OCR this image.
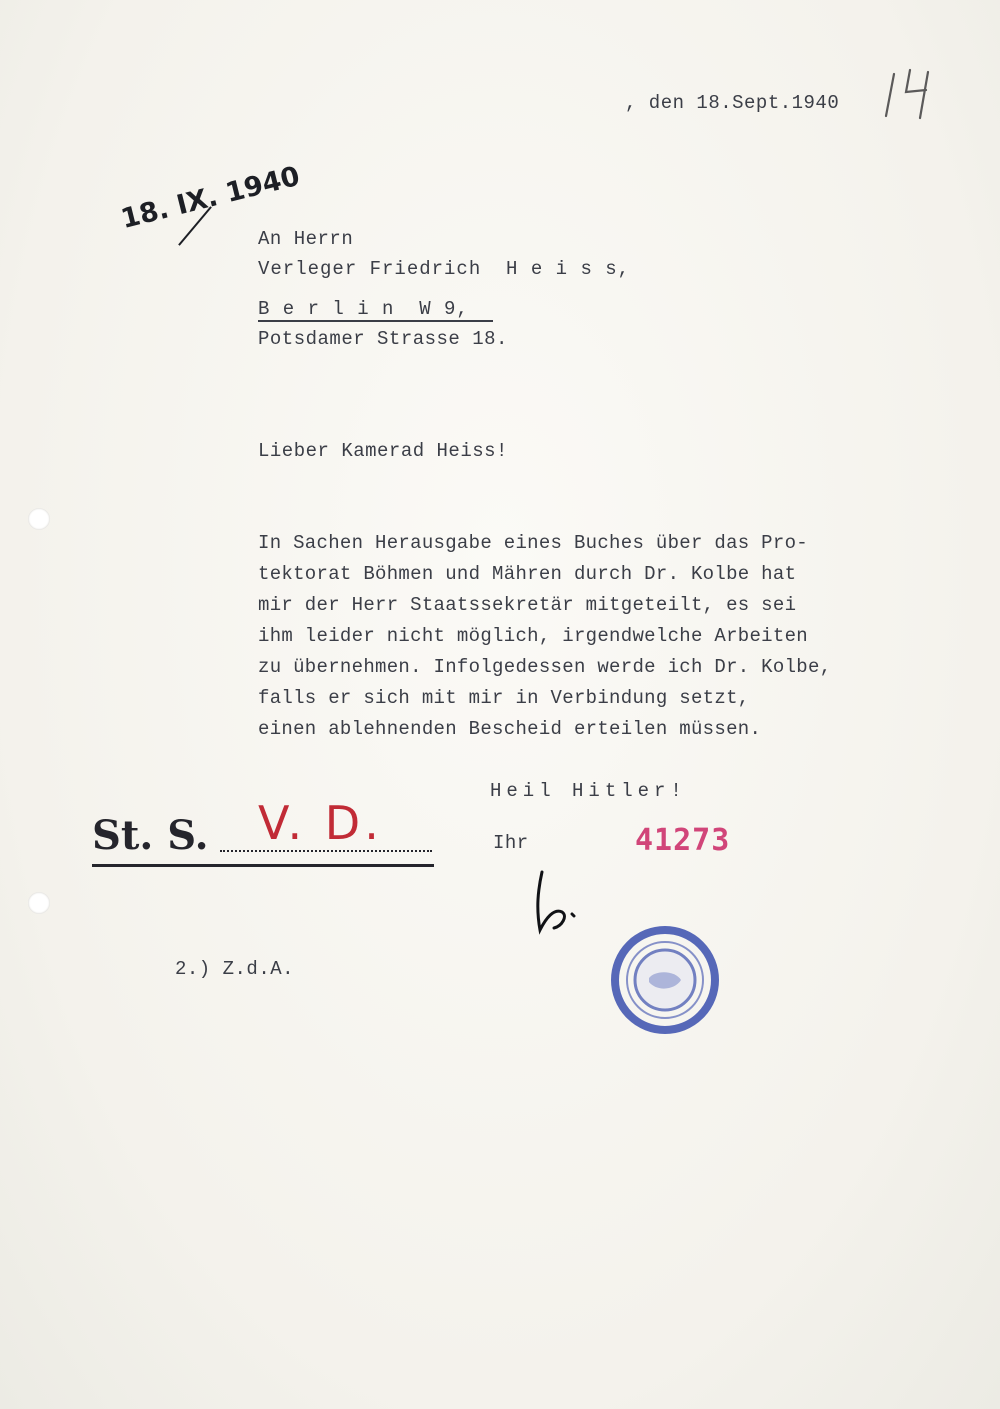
, den 18.Sept.1940
18. IX. 1940
An Herrn
Verleger Friedrich  H e i s s,
B e r l i n  W 9,
Potsdamer Strasse 18.
Lieber Kamerad Heiss!
In Sachen Herausgabe eines Buches über das Pro-
tektorat Böhmen und Mähren durch Dr. Kolbe hat
mir der Herr Staatssekretär mitgeteilt, es sei
ihm leider nicht möglich, irgendwelche Arbeiten
zu übernehmen. Infolgedessen werde ich Dr. Kolbe,
falls er sich mit mir in Verbindung setzt,
einen ablehnenden Bescheid erteilen müssen.
Heil Hitler!
Ihr
St. S. V. D.	41273
2.) Z.d.A.
